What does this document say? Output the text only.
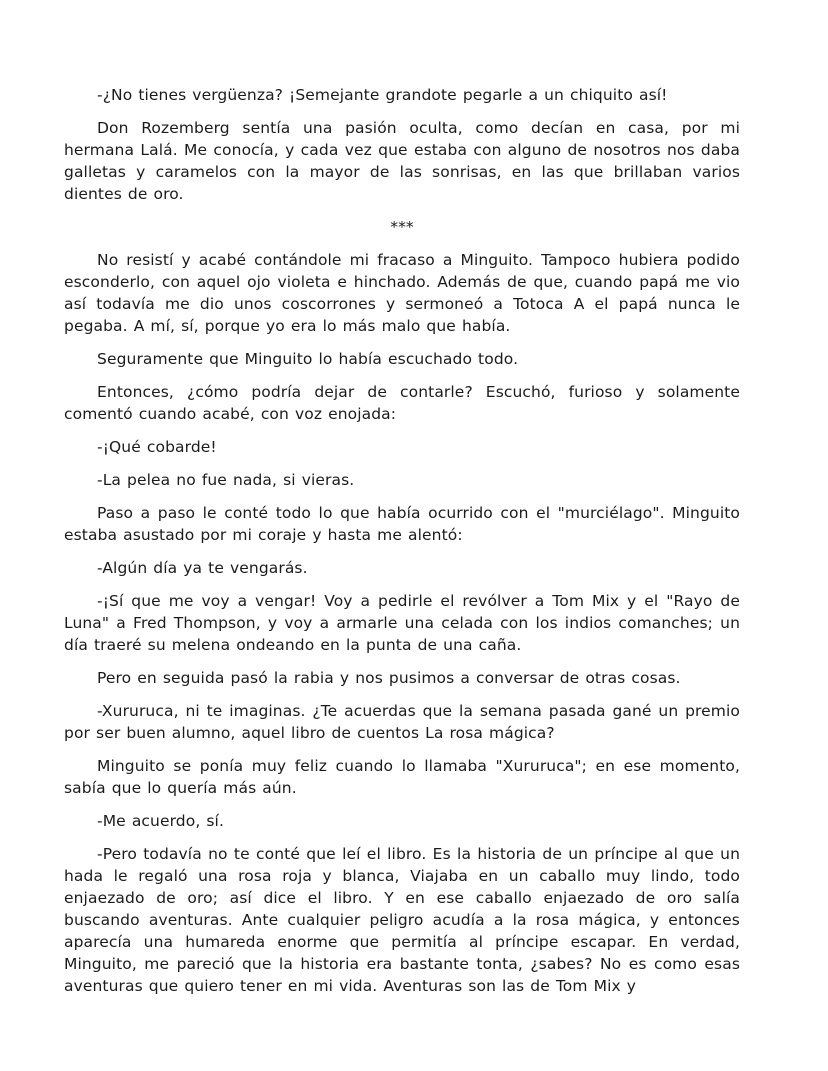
-¿No tienes vergüenza? ¡Semejante grandote pegarle a un chiquito así!

Don Rozemberg sentía una pasión oculta, como decían en casa, por mi hermana Lalá. Me conocía, y cada vez que estaba con alguno de nosotros nos daba galletas y caramelos con la mayor de las sonrisas, en las que brillaban varios dientes de oro.

***

No resistí y acabé contándole mi fracaso a Minguito. Tampoco hubiera podido esconderlo, con aquel ojo violeta e hinchado. Además de que, cuando papá me vio así todavía me dio unos coscorrones y sermoneó a Totoca A el papá nunca le pegaba. A mí, sí, porque yo era lo más malo que había.

Seguramente que Minguito lo había escuchado todo.

Entonces, ¿cómo podría dejar de contarle? Escuchó, furioso y solamente comentó cuando acabé, con voz enojada:

-¡Qué cobarde!

-La pelea no fue nada, si vieras.

Paso a paso le conté todo lo que había ocurrido con el "murciélago". Minguito estaba asustado por mi coraje y hasta me alentó:

-Algún día ya te vengarás.

-¡Sí que me voy a vengar! Voy a pedirle el revólver a Tom Mix y el "Rayo de Luna" a Fred Thompson, y voy a armarle una celada con los indios comanches; un día traeré su melena ondeando en la punta de una caña.

Pero en seguida pasó la rabia y nos pusimos a conversar de otras cosas.

-Xururuca, ni te imaginas. ¿Te acuerdas que la semana pasada gané un premio por ser buen alumno, aquel libro de cuentos La rosa mágica?

Minguito se ponía muy feliz cuando lo llamaba "Xururuca"; en ese momento, sabía que lo quería más aún.

-Me acuerdo, sí.

-Pero todavía no te conté que leí el libro. Es la historia de un príncipe al que un hada le regaló una rosa roja y blanca, Viajaba en un caballo muy lindo, todo enjaezado de oro; así dice el libro. Y en ese caballo enjaezado de oro salía buscando aventuras. Ante cualquier peligro acudía a la rosa mágica, y entonces aparecía una humareda enorme que permitía al príncipe escapar. En verdad, Minguito, me pareció que la historia era bastante tonta, ¿sabes? No es como esas aventuras que quiero tener en mi vida. Aventuras son las de Tom Mix y
